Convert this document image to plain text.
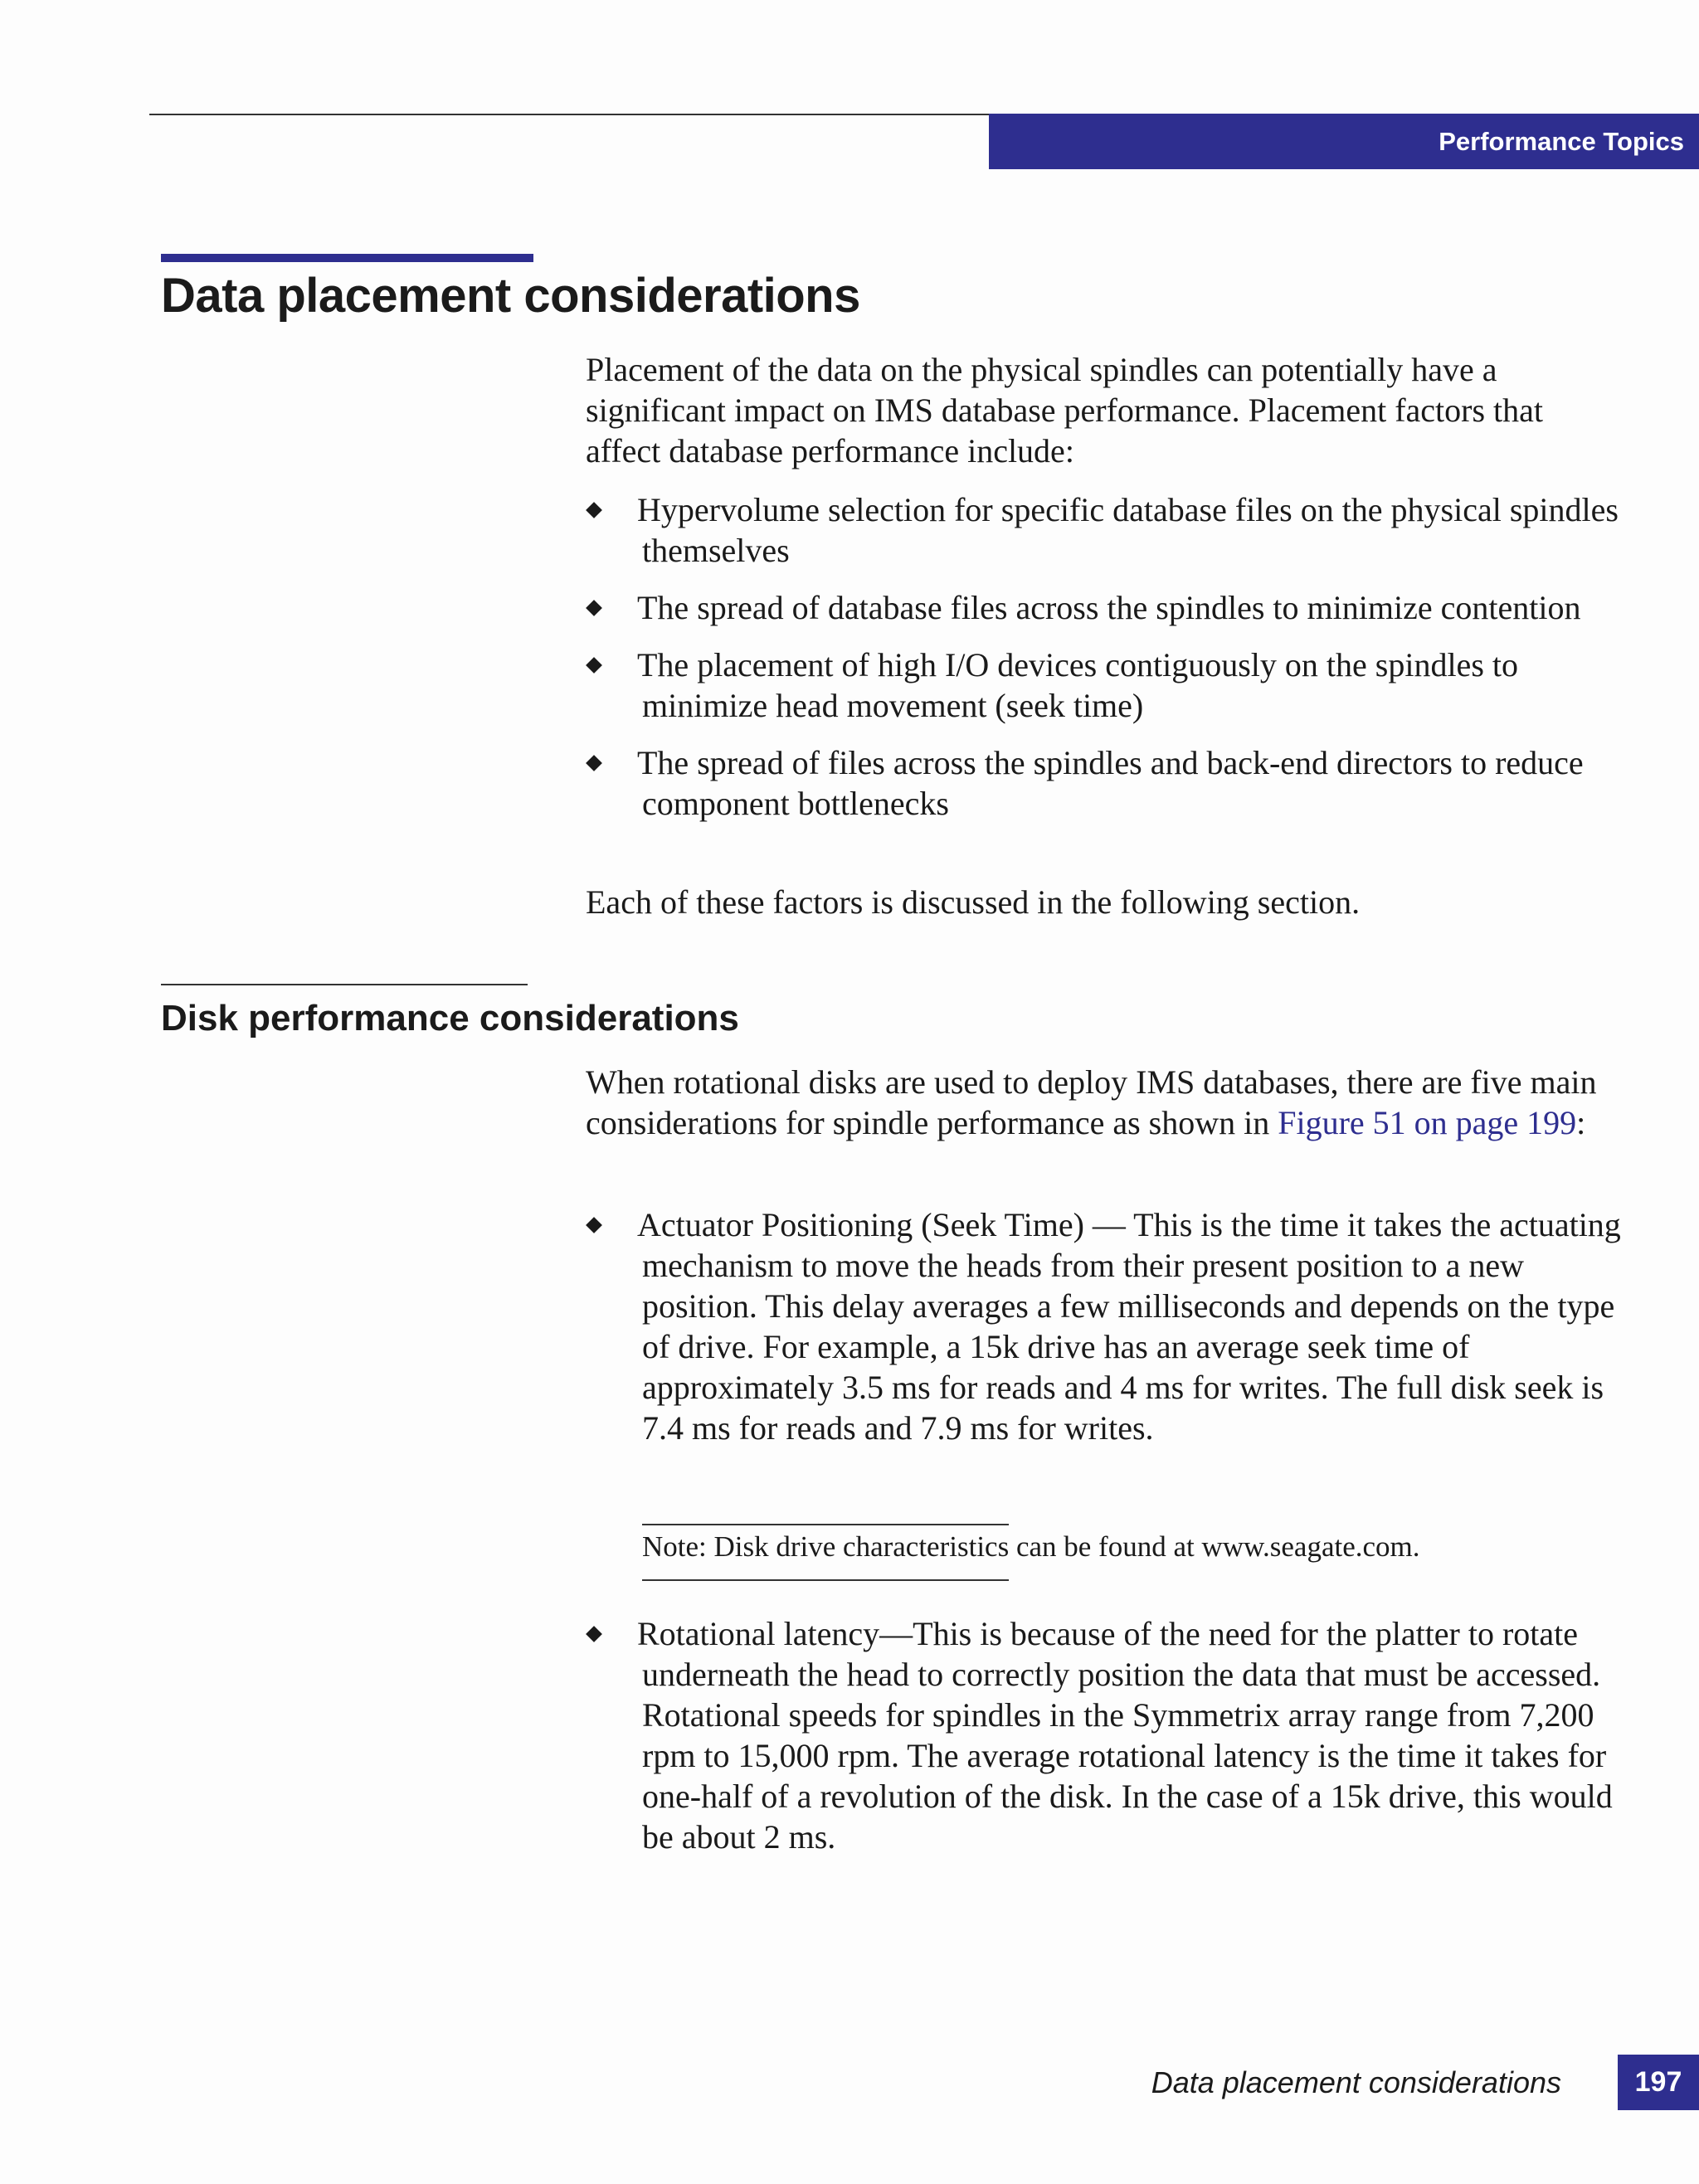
Performance Topics
Data placement considerations

Placement of the data on the physical spindles can potentially have a significant impact on IMS database performance. Placement factors that affect database performance include:

Hypervolume selection for specific database files on the physical spindles themselves
The spread of database files across the spindles to minimize contention
The placement of high I/O devices contiguously on the spindles to minimize head movement (seek time)
The spread of files across the spindles and back-end directors to reduce component bottlenecks

Each of these factors is discussed in the following section.

Disk performance considerations

When rotational disks are used to deploy IMS databases, there are five main considerations for spindle performance as shown in Figure 51 on page 199:

Actuator Positioning (Seek Time) — This is the time it takes the actuating mechanism to move the heads from their present position to a new position. This delay averages a few milliseconds and depends on the type of drive. For example, a 15k drive has an average seek time of approximately 3.5 ms for reads and 4 ms for writes. The full disk seek is 7.4 ms for reads and 7.9 ms for writes.

Note: Disk drive characteristics can be found at www.seagate.com.

Rotational latency—This is because of the need for the platter to rotate underneath the head to correctly position the data that must be accessed. Rotational speeds for spindles in the Symmetrix array range from 7,200 rpm to 15,000 rpm. The average rotational latency is the time it takes for one-half of a revolution of the disk. In the case of a 15k drive, this would be about 2 ms.

Data placement considerations	197
